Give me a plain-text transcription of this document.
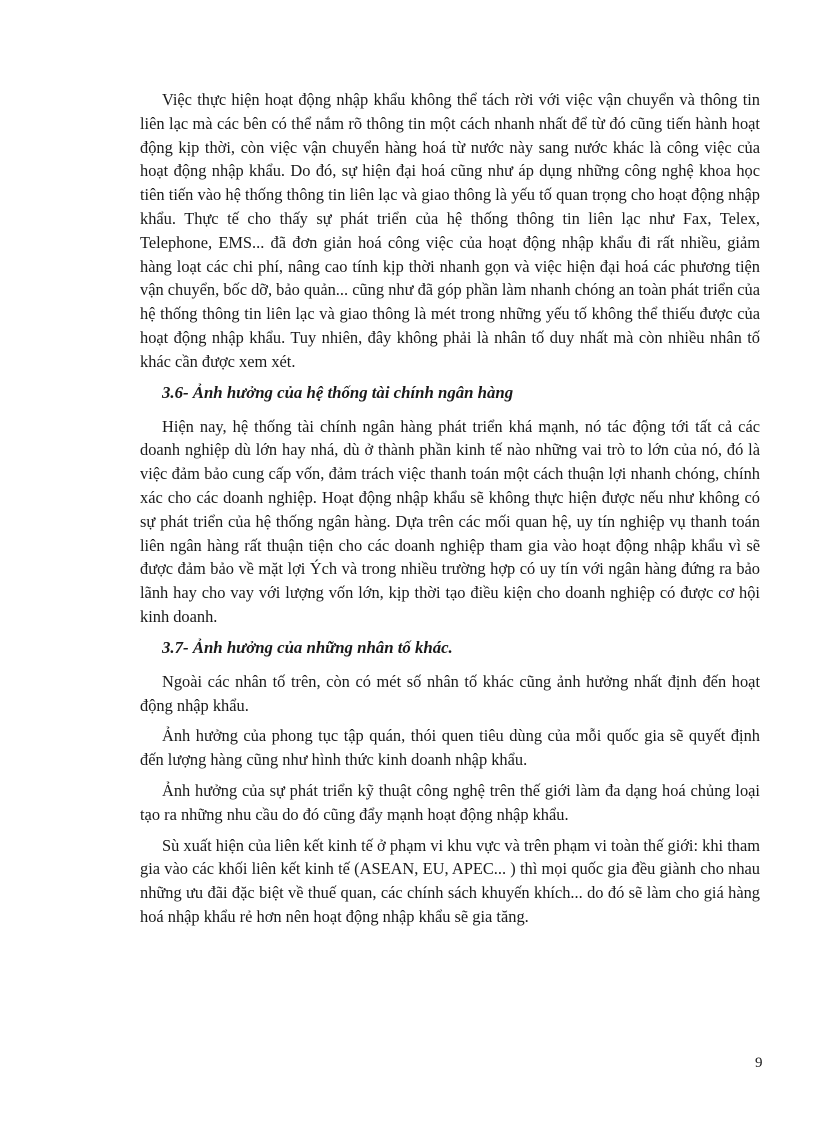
Việc thực hiện hoạt động nhập khẩu không thể tách rời với việc vận chuyển và thông tin liên lạc mà các bên có thể nắm rõ thông tin một cách nhanh nhất để từ đó cũng tiến hành hoạt động kịp thời, còn việc vận chuyển hàng hoá từ nước này sang nước khác là công việc của hoạt động nhập khẩu. Do đó, sự hiện đại hoá cũng như áp dụng những công nghệ khoa học tiên tiến vào hệ thống thông tin liên lạc và giao thông là yếu tố quan trọng cho hoạt động nhập khẩu. Thực tế cho thấy sự phát triển của hệ thống thông tin liên lạc như Fax, Telex, Telephone, EMS... đã đơn giản hoá công việc của hoạt động nhập khẩu đi rất nhiều, giảm hàng loạt các chi phí, nâng cao tính kịp thời nhanh gọn và việc hiện đại hoá các phương tiện vận chuyển, bốc dỡ, bảo quản... cũng như đã góp phần làm nhanh chóng an toàn phát triển của hệ thống thông tin liên lạc và giao thông là mét trong những yếu tố không thể thiếu được của hoạt động nhập khẩu. Tuy nhiên, đây không phải là nhân tố duy nhất mà còn nhiều nhân tố khác cần được xem xét.

3.6- Ảnh hưởng của hệ thống tài chính ngân hàng

Hiện nay, hệ thống tài chính ngân hàng phát triển khá mạnh, nó tác động tới tất cả các doanh nghiệp dù lớn hay nhá, dù ở thành phần kinh tế nào những vai trò to lớn của nó, đó là việc đảm bảo cung cấp vốn, đảm trách việc thanh toán một cách thuận lợi nhanh chóng, chính xác cho các doanh nghiệp. Hoạt động nhập khẩu sẽ không thực hiện được nếu như không có sự phát triển của hệ thống ngân hàng. Dựa trên các mối quan hệ, uy tín nghiệp vụ thanh toán liên ngân hàng rất thuận tiện cho các doanh nghiệp tham gia vào hoạt động nhập khẩu vì sẽ được đảm bảo về mặt lợi Ých và trong nhiều trường hợp có uy tín với ngân hàng đứng ra bảo lãnh hay cho vay với lượng vốn lớn, kịp thời tạo điều kiện cho doanh nghiệp có được cơ hội kinh doanh.

3.7- Ảnh hưởng của những nhân tố khác.

Ngoài các nhân tố trên, còn có mét số nhân tố khác cũng ảnh hưởng nhất định đến hoạt động nhập khẩu.

Ảnh hưởng của phong tục tập quán, thói quen tiêu dùng của mỗi quốc gia sẽ quyết định đến lượng hàng cũng như hình thức kinh doanh nhập khẩu.

Ảnh hưởng của sự phát triển kỹ thuật công nghệ trên thế giới làm đa dạng hoá chủng loại tạo ra những nhu cầu do đó cũng đẩy mạnh hoạt động nhập khẩu.

Sù xuất hiện của liên kết kinh tế ở phạm vi khu vực và trên phạm vi toàn thế giới: khi tham gia vào các khối liên kết kinh tế (ASEAN, EU, APEC... ) thì mọi quốc gia đều giành cho nhau những ưu đãi đặc biệt về thuế quan, các chính sách khuyến khích... do đó sẽ làm cho giá hàng hoá nhập khẩu rẻ hơn nên hoạt động nhập khẩu sẽ gia tăng.

9
